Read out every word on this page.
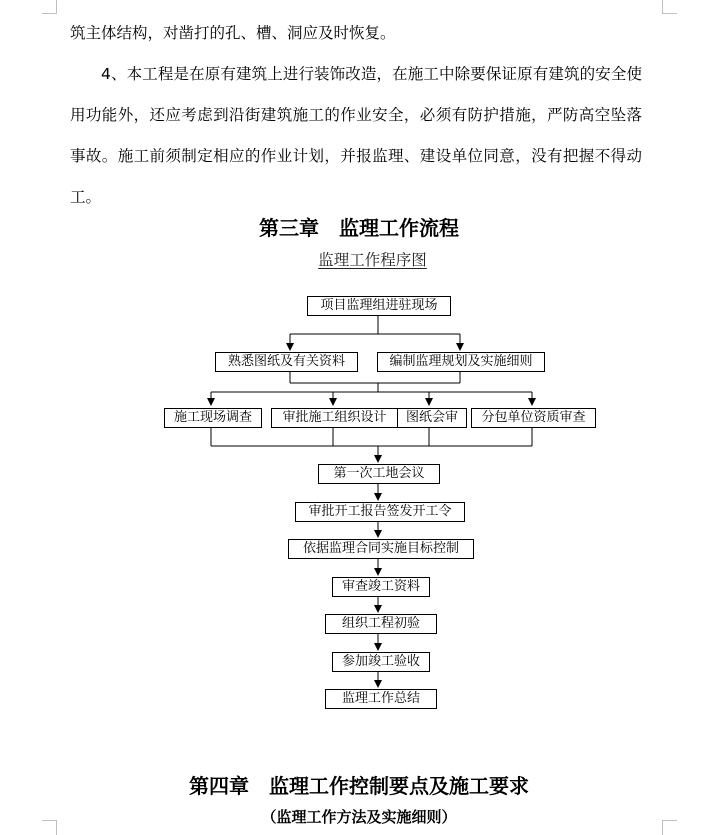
筑主体结构，对凿打的孔、槽、洞应及时恢复。
4、本工程是在原有建筑上进行装饰改造，在施工中除要保证原有建筑的安全使用功能外，还应考虑到沿街建筑施工的作业安全，必须有防护措施，严防高空坠落事故。施工前须制定相应的作业计划，并报监理、建设单位同意，没有把握不得动工。
第三章　监理工作流程
监理工作程序图
项目监理组进驻现场
熟悉图纸及有关资料	编制监理规划及实施细则
施工现场调查	审批施工组织设计	图纸会审	分包单位资质审查
第一次工地会议
审批开工报告签发开工令
依据监理合同实施目标控制
审查竣工资料
组织工程初验
参加竣工验收
监理工作总结
第四章　监理工作控制要点及施工要求
（监理工作方法及实施细则）
